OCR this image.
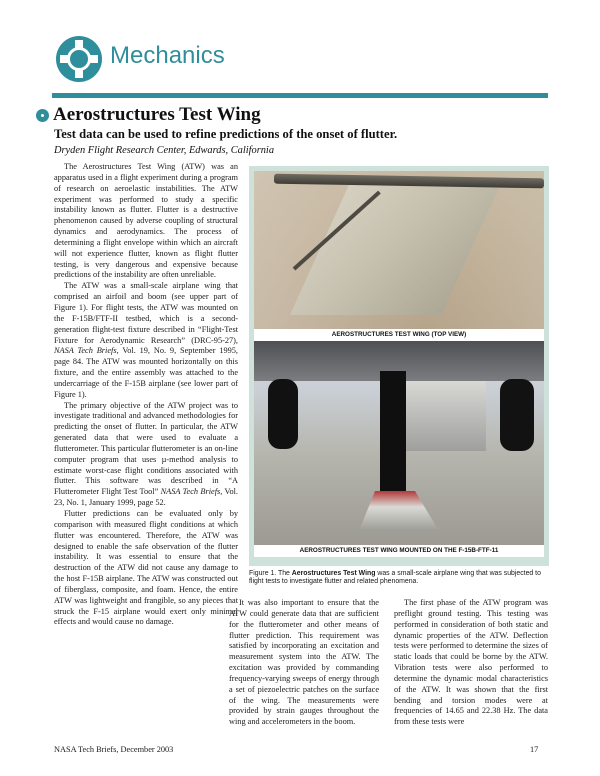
Mechanics
Aerostructures Test Wing
Test data can be used to refine predictions of the onset of flutter.
Dryden Flight Research Center, Edwards, California

The Aerostructures Test Wing (ATW) was an apparatus used in a flight experiment during a program of research on aeroelastic instabilities. The ATW experiment was performed to study a specific instability known as flutter. Flutter is a destructive phenomenon caused by adverse coupling of structural dynamics and aerodynamics. The process of determining a flight envelope within which an aircraft will not experience flutter, known as flight flutter testing, is very dangerous and expensive because predictions of the instability are often unreliable.

The ATW was a small-scale airplane wing that comprised an airfoil and boom (see upper part of Figure 1). For flight tests, the ATW was mounted on the F-15B/FTF-II testbed, which is a second-generation flight-test fixture described in “Flight-Test Fixture for Aerodynamic Research” (DRC-95-27), NASA Tech Briefs, Vol. 19, No. 9, September 1995, page 84. The ATW was mounted horizontally on this fixture, and the entire assembly was attached to the undercarriage of the F-15B airplane (see lower part of Figure 1).

The primary objective of the ATW project was to investigate traditional and advanced methodologies for predicting the onset of flutter. In particular, the ATW generated data that were used to evaluate a flutterometer. This particular flutterometer is an on-line computer program that uses µ-method analysis to estimate worst-case flight conditions associated with flutter. This software was described in “A Flutterometer Flight Test Tool” NASA Tech Briefs, Vol. 23, No. 1, January 1999, page 52.

Flutter predictions can be evaluated only by comparison with measured flight conditions at which flutter was encountered. Therefore, the ATW was designed to enable the safe observation of the flutter instability. It was essential to ensure that the destruction of the ATW did not cause any damage to the host F-15B airplane. The ATW was constructed out of fiberglass, composite, and foam. Hence, the entire ATW was lightweight and frangible, so any pieces that struck the F-15 airplane would exert only minimal effects and would cause no damage.

AEROSTRUCTURES TEST WING (TOP VIEW)
AEROSTRUCTURES TEST WING MOUNTED ON THE F-15B-FTF-11
Figure 1. The Aerostructures Test Wing was a small-scale airplane wing that was subjected to flight tests to investigate flutter and related phenomena.

It was also important to ensure that the ATW could generate data that are sufficient for the flutterometer and other means of flutter prediction. This requirement was satisfied by incorporating an excitation and measurement system into the ATW. The excitation was provided by commanding frequency-varying sweeps of energy through a set of piezoelectric patches on the surface of the wing. The measurements were provided by strain gauges throughout the wing and accelerometers in the boom.

The first phase of the ATW program was preflight ground testing. This testing was performed in consideration of both static and dynamic properties of the ATW. Deflection tests were performed to determine the sizes of static loads that could be borne by the ATW. Vibration tests were also performed to determine the dynamic modal characteristics of the ATW. It was shown that the first bending and torsion modes were at frequencies of 14.65 and 22.38 Hz. The data from these tests were

NASA Tech Briefs, December 2003	17
